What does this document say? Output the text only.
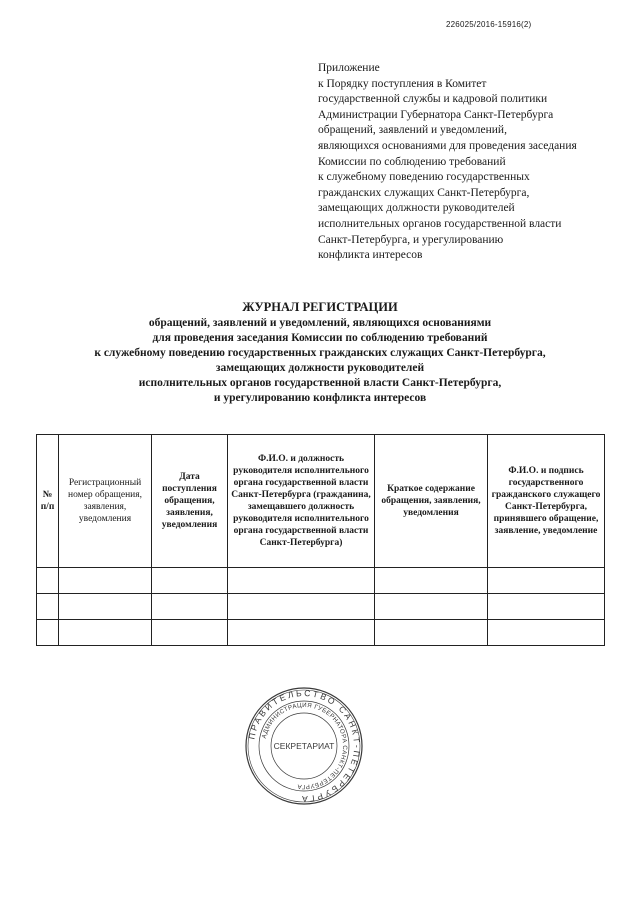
226025/2016-15916(2)
Приложение
к Порядку поступления в Комитет
государственной службы и кадровой политики
Администрации Губернатора Санкт-Петербурга
обращений, заявлений и уведомлений,
являющихся основаниями для проведения заседания
Комиссии по соблюдению требований
к служебному поведению государственных
гражданских служащих Санкт-Петербурга,
замещающих должности руководителей
исполнительных органов государственной власти
Санкт-Петербурга, и урегулированию
конфликта интересов
ЖУРНАЛ РЕГИСТРАЦИИ
обращений, заявлений и уведомлений, являющихся основаниями
для проведения заседания Комиссии по соблюдению требований
к служебному поведению государственных гражданских служащих Санкт-Петербурга,
замещающих должности руководителей
исполнительных органов государственной власти Санкт-Петербурга,
и урегулированию конфликта интересов
№ п/п	Регистрационный номер обращения, заявления, уведомления	Дата поступления обращения, заявления, уведомления	Ф.И.О. и должность руководителя исполнительного органа государственной власти Санкт-Петербурга (гражданина, замещавшего должность руководителя исполнительного органа государственной власти Санкт-Петербурга)	Краткое содержание обращения, заявления, уведомления	Ф.И.О. и подпись государственного гражданского служащего Санкт-Петербурга, принявшего обращение, заявление, уведомление

ПРАВИТЕЛЬСТВО САНКТ-ПЕТЕРБУРГА
АДМИНИСТРАЦИЯ ГУБЕРНАТОРА САНКТ-ПЕТЕРБУРГА
СЕКРЕТАРИАТ
